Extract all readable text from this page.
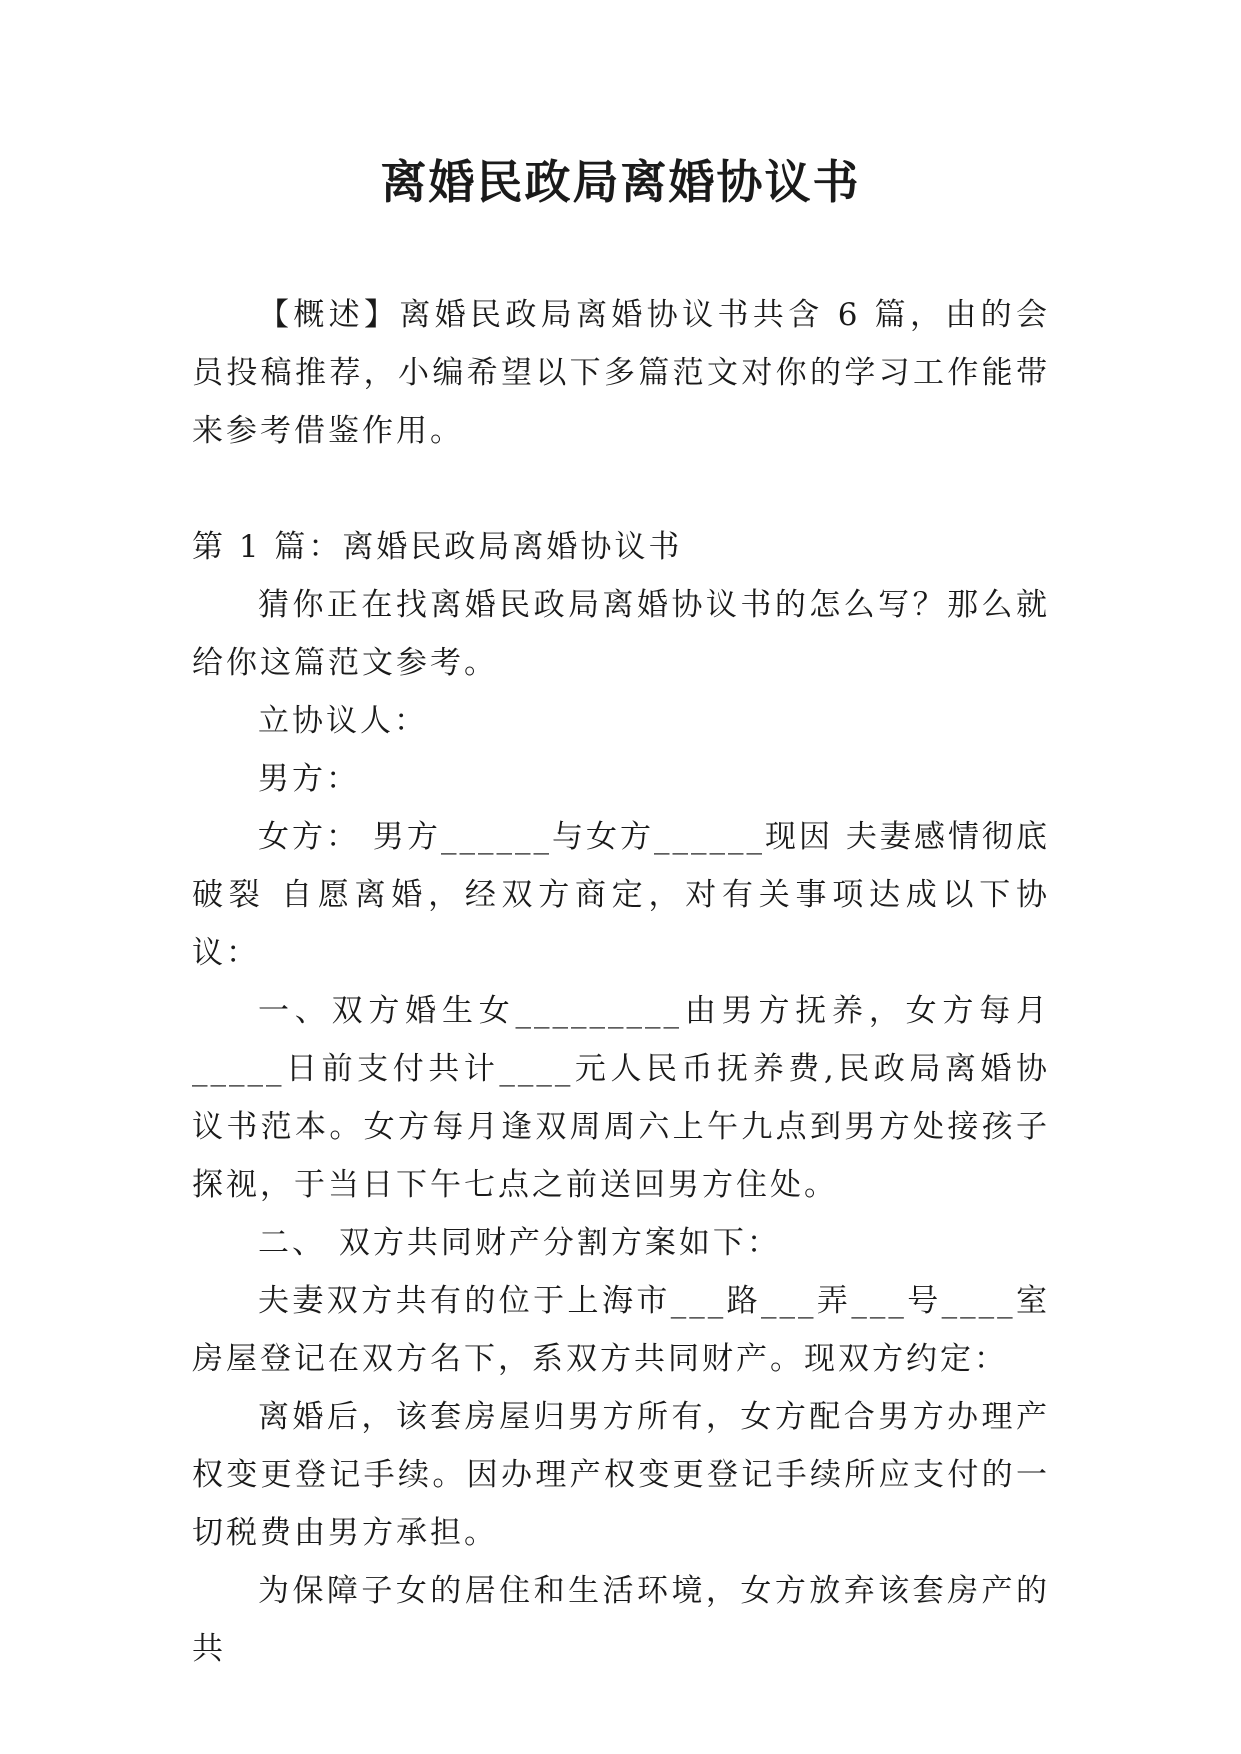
离婚民政局离婚协议书

【概述】离婚民政局离婚协议书共含 6 篇，由的会员投稿推荐，小编希望以下多篇范文对你的学习工作能带来参考借鉴作用。

第 1 篇：离婚民政局离婚协议书

猜你正在找离婚民政局离婚协议书的怎么写？那么就给你这篇范文参考。

立协议人：

男方：

女方： 男方______与女方______现因 夫妻感情彻底破裂 自愿离婚，经双方商定，对有关事项达成以下协议：

一、双方婚生女_________由男方抚养，女方每月_____日前支付共计____元人民币抚养费,民政局离婚协议书范本。女方每月逢双周周六上午九点到男方处接孩子探视，于当日下午七点之前送回男方住处。

二、 双方共同财产分割方案如下：

夫妻双方共有的位于上海市___路___弄___号____室房屋登记在双方名下，系双方共同财产。现双方约定：

离婚后，该套房屋归男方所有，女方配合男方办理产权变更登记手续。因办理产权变更登记手续所应支付的一切税费由男方承担。

为保障子女的居住和生活环境，女方放弃该套房产的共
